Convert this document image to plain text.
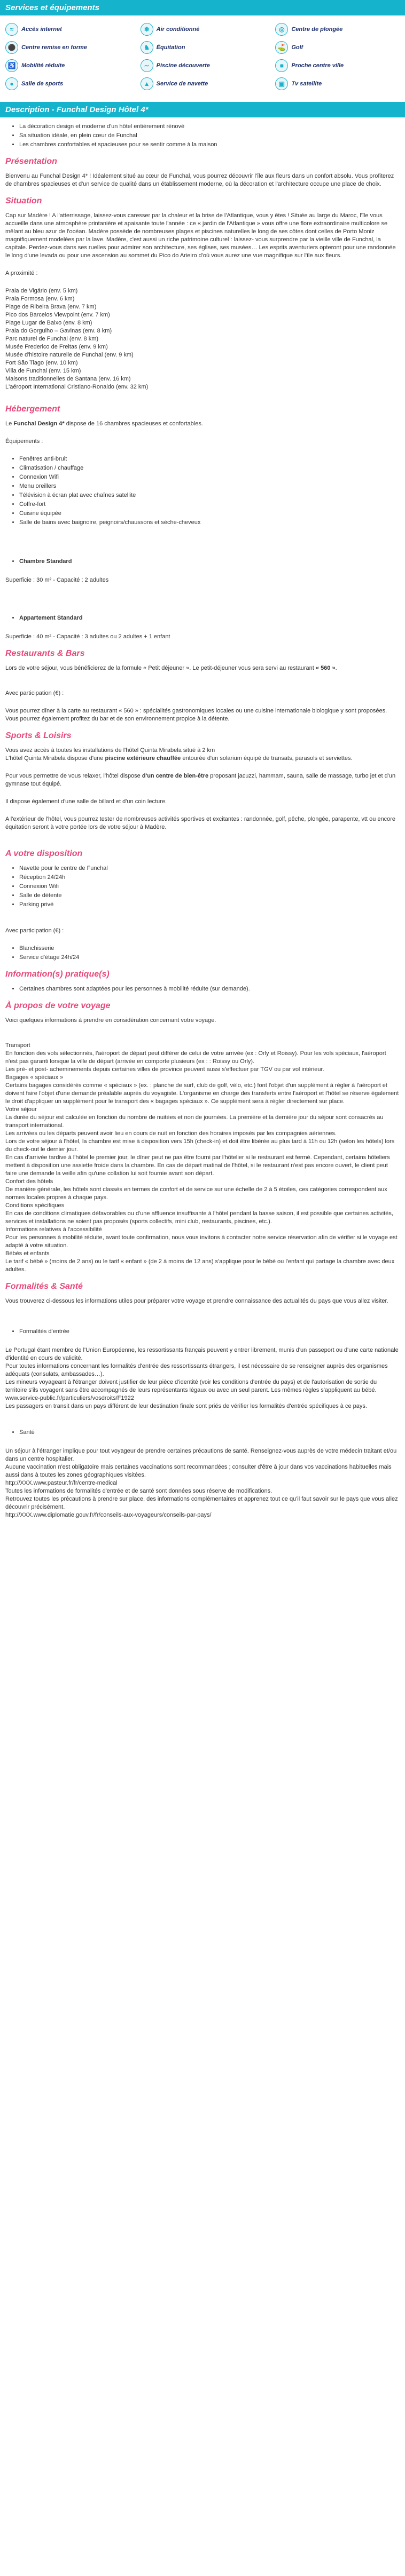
Services et équipements
≈	Accès internet	❄	Air conditionné	◎	Centre de plongée
⚫ Centre remise en forme	♞	Équitation	⛳ Golf
♿ Mobilité réduite	∼	Piscine découverte	■	Proche centre ville
●	Salle de sports	▲	Service de navette	▣	Tv satellite
Description - Funchal Design Hôtel 4*
• La décoration design et moderne d'un hôtel entièrement rénové
• Sa situation idéale, en plein cœur de Funchal
• Les chambres confortables et spacieuses pour se sentir comme à la maison
Présentation

Bienvenu au Funchal Design 4* ! Idéalement situé au cœur de Funchal, vous pourrez découvrir l'île aux fleurs dans un confort absolu. Vous profiterez de chambres spacieuses et d'un service de qualité dans un établissement moderne, où la décoration et l'architecture occupe une place de choix.

Situation

Cap sur Madère ! A l'atterrissage, laissez-vous caresser par la chaleur et la brise de l'Atlantique, vous y êtes ! Située au large du Maroc, l'île vous accueille dans une atmosphère printanière et apaisante toute l'année : ce « jardin de l'Atlantique » vous offre une flore extraordinaire multicolore se mêlant au bleu azur de l'océan. Madère possède de nombreuses plages et piscines naturelles le long de ses côtes dont celles de Porto Moniz magnifiquement modelées par la lave. Madère, c'est aussi un riche patrimoine culturel : laissez- vous surprendre par la vieille ville de Funchal, la capitale. Perdez-vous dans ses ruelles pour admirer son architecture, ses églises, ses musées… Les esprits aventuriers opteront pour une randonnée le long d'une levada ou pour une ascension au sommet du Pico do Arieiro d'où vous aurez une vue magnifique sur l'île aux fleurs.

A proximité :

Praia de Vigário (env. 5 km)
Praia Formosa (env. 6 km)
Plage de Ribeira Brava (env. 7 km)
Pico dos Barcelos Viewpoint (env. 7 km)
Plage Lugar de Baixo (env. 8 km)
Praia do Gorgulho – Gavinas (env. 8 km)
Parc naturel de Funchal (env. 8 km)
Musée Frederico de Freitas (env. 9 km)
Musée d'histoire naturelle de Funchal (env. 9 km)
Fort São Tiago (env. 10 km)
Villa de Funchal (env. 15 km)
Maisons traditionnelles de Santana (env. 16 km)
L'aéroport International Cristiano-Ronaldo (env. 32 km)
Hébergement

Le Funchal Design 4* dispose de 16 chambres spacieuses et confortables.

Équipements :

• Fenêtres anti-bruit
• Climatisation / chauffage
• Connexion Wifi
• Menu oreillers
• Télévision à écran plat avec chaînes satellite
• Coffre-fort
• Cuisine équipée
• Salle de bains avec baignoire, peignoirs/chaussons et sèche-cheveux
• Chambre Standard

Superficie : 30 m² - Capacité : 2 adultes

• Appartement Standard

Superficie : 40 m² - Capacité : 3 adultes ou 2 adultes + 1 enfant

Restaurants & Bars

Lors de votre séjour, vous bénéficierez de la formule « Petit déjeuner ». Le petit-déjeuner vous sera servi au restaurant « 560 ».

Avec participation (€) :

Vous pourrez dîner à la carte au restaurant « 560 » : spécialités gastronomiques locales ou une cuisine internationale biologique y sont proposées. Vous pourrez également profitez du bar et de son environnement propice à la détente.

Sports & Loisirs

Vous avez accès à toutes les installations de l'hôtel Quinta Mirabela situé à 2 km
L'hôtel Quinta Mirabela dispose d'une piscine extérieure chauffée entourée d'un solarium équipé de transats, parasols et serviettes.

Pour vous permettre de vous relaxer, l'hôtel dispose d'un centre de bien-être proposant jacuzzi, hammam, sauna, salle de massage, turbo jet et d'un gymnase tout équipé.

Il dispose également d'une salle de billard et d'un coin lecture.

A l'extérieur de l'hôtel, vous pourrez tester de nombreuses activités sportives et excitantes : randonnée, golf, pêche, plongée, parapente, vtt ou encore équitation seront à votre portée lors de votre séjour à Madère.

A votre disposition
• Navette pour le centre de Funchal
• Réception 24/24h
• Connexion Wifi
• Salle de détente
• Parking privé

Avec participation (€) :

• Blanchisserie
• Service d'étage 24h/24
Information(s) pratique(s)
• Certaines chambres sont adaptées pour les personnes à mobilité réduite (sur demande).
À propos de votre voyage

Voici quelques informations à prendre en considération concernant votre voyage.

Transport
En fonction des vols sélectionnés, l'aéroport de départ peut différer de celui de votre arrivée (ex : Orly et Roissy). Pour les vols spéciaux, l'aéroport n'est pas garanti lorsque la ville de départ (arrivée en comporte plusieurs (ex : : Roissy ou Orly).
Les pré- et post- acheminements depuis certaines villes de province peuvent aussi s'effectuer par TGV ou par vol intérieur.
Bagages « spéciaux »
Certains bagages considérés comme « spéciaux » (ex. : planche de surf, club de golf, vélo, etc.) font l'objet d'un supplément à régler à l'aéroport et doivent faire l'objet d'une demande préalable auprès du voyagiste. L'organisme en charge des transferts entre l'aéroport et l'hôtel se réserve également le droit d'appliquer un supplément pour le transport des « bagages spéciaux ». Ce supplément sera à régler directement sur place.
Votre séjour
La durée du séjour est calculée en fonction du nombre de nuitées et non de journées. La première et la dernière jour du séjour sont consacrés au transport international.
Les arrivées ou les départs peuvent avoir lieu en cours de nuit en fonction des horaires imposés par les compagnies aériennes.
Lors de votre séjour à l'hôtel, la chambre est mise à disposition vers 15h (check-in) et doit être libérée au plus tard à 11h ou 12h (selon les hôtels) lors du check-out le dernier jour.
En cas d'arrivée tardive à l'hôtel le premier jour, le dîner peut ne pas être fourni par l'hôtelier si le restaurant est fermé. Cependant, certains hôteliers mettent à disposition une assiette froide dans la chambre. En cas de départ matinal de l'hôtel, si le restaurant n'est pas encore ouvert, le client peut faire une demande la veille afin qu'une collation lui soit fournie avant son départ.
Confort des hôtels
De manière générale, les hôtels sont classés en termes de confort et de service sur une échelle de 2 à 5 étoiles, ces catégories correspondent aux normes locales propres à chaque pays.
Conditions spécifiques
En cas de conditions climatiques défavorables ou d'une affluence insuffisante à l'hôtel pendant la basse saison, il est possible que certaines activités, services et installations ne soient pas proposés (sports collectifs, mini club, restaurants, piscines, etc.).
Informations relatives à l'accessibilité
Pour les personnes à mobilité réduite, avant toute confirmation, nous vous invitons à contacter notre service réservation afin de vérifier si le voyage est adapté à votre situation.
Bébés et enfants
Le tarif « bébé » (moins de 2 ans) ou le tarif « enfant » (de 2 à moins de 12 ans) s'applique pour le bébé ou l'enfant qui partage la chambre avec deux adultes.
Formalités & Santé

Vous trouverez ci-dessous les informations utiles pour préparer votre voyage et prendre connaissance des actualités du pays que vous allez visiter.

• Formalités d'entrée
Le Portugal étant membre de l'Union Européenne, les ressortissants français peuvent y entrer librement, munis d'un passeport ou d'une carte nationale d'identité en cours de validité.
Pour toutes informations concernant les formalités d'entrée des ressortissants étrangers, il est nécessaire de se renseigner auprès des organismes adéquats (consulats, ambassades…).
Les mineurs voyageant à l'étranger doivent justifier de leur pièce d'identité (voir les conditions d'entrée du pays) et de l'autorisation de sortie du territoire s'ils voyagent sans être accompagnés de leurs représentants légaux ou avec un seul parent. Les mêmes règles s'appliquent au bébé.
www.service-public.fr/particuliers/vosdroits/F1922
Les passagers en transit dans un pays différent de leur destination finale sont priés de vérifier les formalités d'entrée spécifiques à ce pays.
• Santé
Un séjour à l'étranger implique pour tout voyageur de prendre certaines précautions de santé. Renseignez-vous auprès de votre médecin traitant et/ou dans un centre hospitalier.
Aucune vaccination n'est obligatoire mais certaines vaccinations sont recommandées ; consulter d'être à jour dans vos vaccinations habituelles mais aussi dans à toutes les zones géographiques visitées.
http://XXX.www.pasteur.fr/fr/centre-medical
Toutes les informations de formalités d'entrée et de santé sont données sous réserve de modifications.
Retrouvez toutes les précautions à prendre sur place, des informations complémentaires et apprenez tout ce qu'il faut savoir sur le pays que vous allez découvrir précisément.
http://XXX.www.diplomatie.gouv.fr/fr/conseils-aux-voyageurs/conseils-par-pays/
